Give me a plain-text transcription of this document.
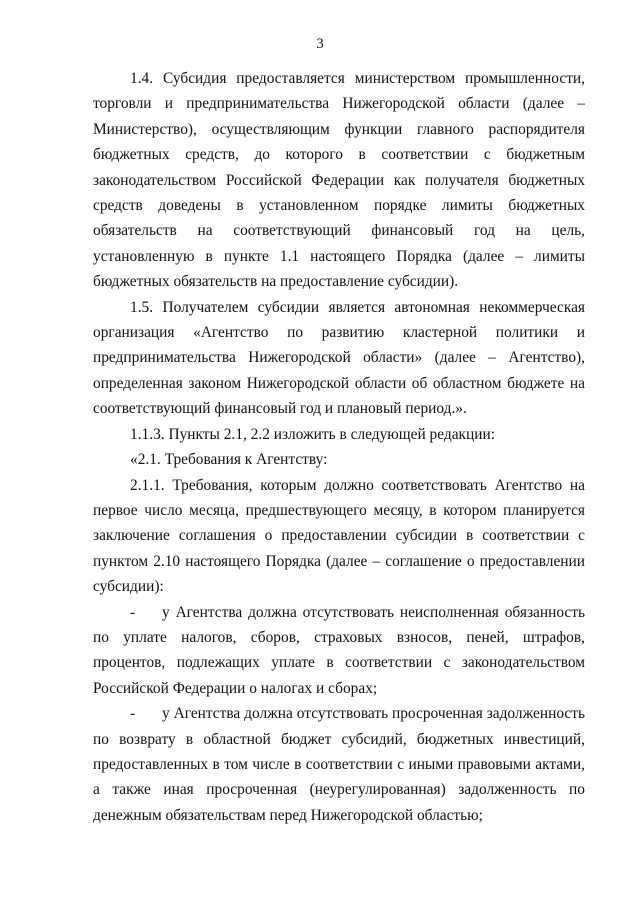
3

1.4. Субсидия предоставляется министерством промышленности, торговли и предпринимательства Нижегородской области (далее – Министерство), осуществляющим функции главного распорядителя бюджетных средств, до которого в соответствии с бюджетным законодательством Российской Федерации как получателя бюджетных средств доведены в установленном порядке лимиты бюджетных обязательств на соответствующий финансовый год на цель, установленную в пункте 1.1 настоящего Порядка (далее – лимиты бюджетных обязательств на предоставление субсидии).

1.5. Получателем субсидии является автономная некоммерческая организация «Агентство по развитию кластерной политики и предпринимательства Нижегородской области» (далее – Агентство), определенная законом Нижегородской области об областном бюджете на соответствующий финансовый год и плановый период.».

1.1.3. Пункты 2.1, 2.2 изложить в следующей редакции:

«2.1. Требования к Агентству:

2.1.1. Требования, которым должно соответствовать Агентство на первое число месяца, предшествующего месяцу, в котором планируется заключение соглашения о предоставлении субсидии в соответствии с пунктом 2.10 настоящего Порядка (далее – соглашение о предоставлении субсидии):

- у Агентства должна отсутствовать неисполненная обязанность по уплате налогов, сборов, страховых взносов, пеней, штрафов, процентов, подлежащих уплате в соответствии с законодательством Российской Федерации о налогах и сборах;

- у Агентства должна отсутствовать просроченная задолженность по возврату в областной бюджет субсидий, бюджетных инвестиций, предоставленных в том числе в соответствии с иными правовыми актами, а также иная просроченная (неурегулированная) задолженность по денежным обязательствам перед Нижегородской областью;
